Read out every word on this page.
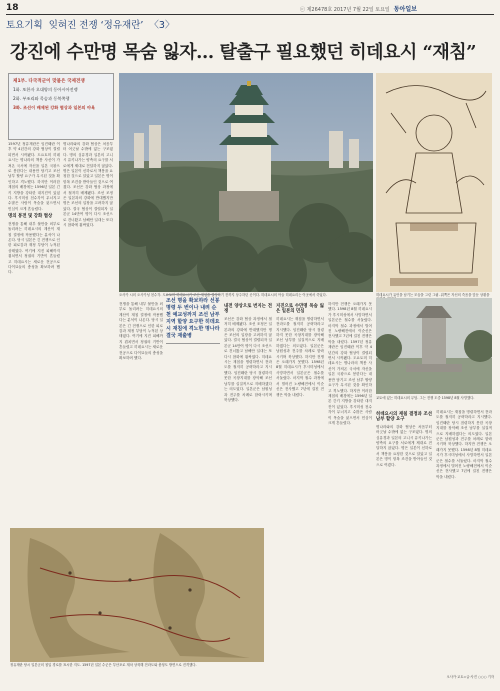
18	ⓒ 제26478호 2017년 7월 22일 토요일 동아일보
토요기획 잊혀진 전쟁 ‘정유재란’ 〈3〉
강진에 수만명 목숨 잃자… 탈출구 필요했던 히데요시 “재침”
제1부. 다국적군이 맞붙은 국제전쟁
1화. 또한자 오대양의 동아시아전쟁
2화. 부조리와 목숨과 동북쪽행
3화. 조선이 배제된 강화 협상과 일본의 야욕
오사카 시의 오사카성 천수각. 도요토미 히데요시가 조선 재침을 결정하기 전까지 상주하던 곳이다. 히데요시의 아들 히데요리는 이곳에서 죽었다.	히데요시가 유언을 남기는 모습을 그린 그림. 위쪽은 자신의 죽음을 앞둔 상황을
1597년 정유재란은 임진왜란 이후 약 4년간의 강화 협상이 결렬되면서 시작됐다. 도요토미 히데요시는 명나라의 책봉 사신이 가져온 국서에 자신을 일본 국왕으로 봉한다는 내용만 담기고 조선 남부 할양 요구가 무시된 것을 확인하고 격노했다. 하지만 이러한 재침의 배경에는 1596년 일본 긴키 지방을 강타한 대지진이 있었다. 후시미성 천수각이 무너지고 수많은 사람이 목숨을 잃으면서 민심이 크게 흔들렸다.
명의 봉전 및 강화 협상
전쟁을 통해 내부 불만을 외부로 돌리려는 히데요시의 계산이 재침 결정에 작용했다는 분석이 나온다. 당시 일본은 긴 전쟁으로 인한 피로감과 재정 부담이 누적된 상태였다. 여기에 지진 피해까지 겹치면서 정권의 기반이 흔들렸고 히데요시는 새로운 전공으로 다이묘들의 충성을 확보하려 했다.
명나라와의 강화 협상은 처음부터 어긋날 수밖에 없는 구조였다. 명의 심유경과 일본의 고니시 유키나가는 양측의 요구를 서로에게 제대로 전달하지 않았다. 명은 일본이 신하로서 책봉을 요청한 것으로 알았고 일본은 명이 항복 조건을 받아들인 것으로 여겼다. 조선은 강화 협상 과정에서 철저히 배제됐다. 조선 조정은 일본과의 강화에 반대했지만 명은 조선의 입장을 고려하지 않았다. 결국 협상이 결렬되자 일본군 14만여 명이 다시 조선으로 건너왔고 남해안 일대는 또다시 참화에 휩싸였다.
전쟁을 통해 내부 불만을 외부로 돌리려는 히데요시의 계산이 재침 결정에 작용했다는 분석이 나온다. 당시 일본은 긴 전쟁으로 인한 피로감과 재정 부담이 누적된 상태였다. 여기에 지진 피해까지 겹치면서 정권의 기반이 흔들렸고 히데요시는 새로운 전공으로 다이묘들의 충성을 확보하려 했다.
조선 명을 확보하라 선봉 명령 두 번이나 내려 순천 예교성까지 조선 남부지역 할양 요구한 히데요시 재침에 격노한 명나라 결국 재출병
내전 양상으로 번지는 전쟁
조선은 강화 협상 과정에서 철저히 배제됐다. 조선 조정은 일본과의 강화에 반대했지만 명은 조선의 입장을 고려하지 않았다. 결국 협상이 결렬되자 일본군 14만여 명이 다시 조선으로 건너왔고 남해안 일대는 또다시 참화에 휩싸였다. 히데요시는 재침을 명령하면서 전라도를 철저히 공략하라고 지시했다. 임진왜란 당시 점령하지 못한 곡창지대를 장악해 조선 남부를 실질적으로 지배하겠다는 의도였다. 일본군은 남원성과 전주를 차례로 함락시키며 북상했다.
지진으로 수만명 목숨 잃은 일본의 민심
히데요시는 재침을 명령하면서 전라도를 철저히 공략하라고 지시했다. 임진왜란 당시 점령하지 못한 곡창지대를 장악해 조선 남부를 실질적으로 지배하겠다는 의도였다. 일본군은 남원성과 전주를 차례로 함락시키며 북상했다. 하지만 전쟁은 오래가지 못했다. 1598년 8월 히데요시가 후시미성에서 사망하면서 일본군은 철수를 서둘렀다. 마지막 철수 과정에서 벌어진 노량해전에서 이순신은 전사했고 7년에 걸친 전쟁은 막을 내렸다.
하지만 전쟁은 오래가지 못했다. 1598년 8월 히데요시가 후시미성에서 사망하면서 일본군은 철수를 서둘렀다. 마지막 철수 과정에서 벌어진 노량해전에서 이순신은 전사했고 7년에 걸친 전쟁은 막을 내렸다. 1597년 정유재란은 임진왜란 이후 약 4년간의 강화 협상이 결렬되면서 시작됐다. 도요토미 히데요시는 명나라의 책봉 사신이 가져온 국서에 자신을 일본 국왕으로 봉한다는 내용만 담기고 조선 남부 할양 요구가 무시된 것을 확인하고 격노했다. 하지만 이러한 재침의 배경에는 1596년 일본 긴키 지방을 강타한 대지진이 있었다. 후시미성 천수각이 무너지고 수많은 사람이 목숨을 잃으면서 민심이 크게 흔들렸다.
교토에 있는 히데요시의 무덤. 그는 전쟁 도중 1598년 8월 사망했다.
히데요시의 재침 결정과 조선 남부 할양 요구
명나라와의 강화 협상은 처음부터 어긋날 수밖에 없는 구조였다. 명의 심유경과 일본의 고니시 유키나가는 양측의 요구를 서로에게 제대로 전달하지 않았다. 명은 일본이 신하로서 책봉을 요청한 것으로 알았고 일본은 명이 항복 조건을 받아들인 것으로 여겼다.
히데요시는 재침을 명령하면서 전라도를 철저히 공략하라고 지시했다. 임진왜란 당시 점령하지 못한 곡창지대를 장악해 조선 남부를 실질적으로 지배하겠다는 의도였다. 일본군은 남원성과 전주를 차례로 함락시키며 북상했다. 하지만 전쟁은 오래가지 못했다. 1598년 8월 히데요시가 후시미성에서 사망하면서 일본군은 철수를 서둘렀다. 마지막 철수 과정에서 벌어진 노량해전에서 이순신은 전사했고 7년에 걸친 전쟁은 막을 내렸다.
정유재란 당시 일본군의 침입 경로를 표시한 지도. 1597년 일본 수군은 부산포로 재차 상륙해 전라도와 충청도 방면으로 진격했다.
오사카·교토=글·사진 ○○○ 기자
